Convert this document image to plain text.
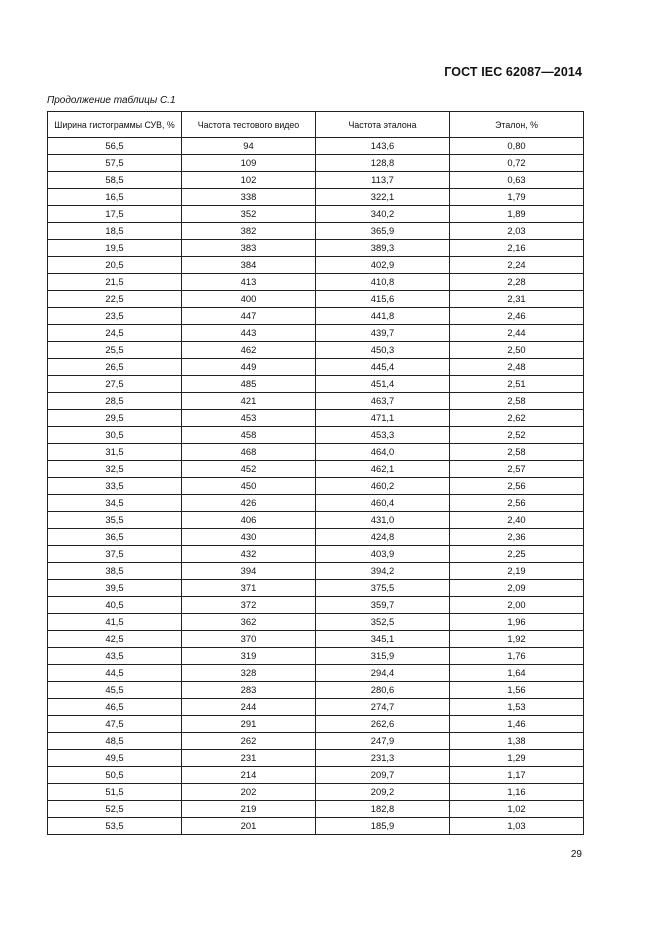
ГОСТ IEC 62087—2014
Продолжение таблицы С.1
Ширина гистограммы СУВ, %	Частота тестового видео	Частота эталона	Эталон, %
56,5	94	143,6	0,80
57,5	109	128,8	0,72
58,5	102	113,7	0,63
16,5	338	322,1	1,79
17,5	352	340,2	1,89
18,5	382	365,9	2,03
19,5	383	389,3	2,16
20,5	384	402,9	2,24
21,5	413	410,8	2,28
22,5	400	415,6	2,31
23,5	447	441,8	2,46
24,5	443	439,7	2,44
25,5	462	450,3	2,50
26,5	449	445,4	2,48
27,5	485	451,4	2,51
28,5	421	463,7	2,58
29,5	453	471,1	2,62
30,5	458	453,3	2,52
31,5	468	464,0	2,58
32,5	452	462,1	2,57
33,5	450	460,2	2,56
34,5	426	460,4	2,56
35,5	406	431,0	2,40
36,5	430	424,8	2,36
37,5	432	403,9	2,25
38,5	394	394,2	2,19
39,5	371	375,5	2,09
40,5	372	359,7	2,00
41,5	362	352,5	1,96
42,5	370	345,1	1,92
43,5	319	315,9	1,76
44,5	328	294,4	1,64
45,5	283	280,6	1,56
46,5	244	274,7	1,53
47,5	291	262,6	1,46
48,5	262	247,9	1,38
49,5	231	231,3	1,29
50,5	214	209,7	1,17
51,5	202	209,2	1,16
52,5	219	182,8	1,02
53,5	201	185,9	1,03
29
